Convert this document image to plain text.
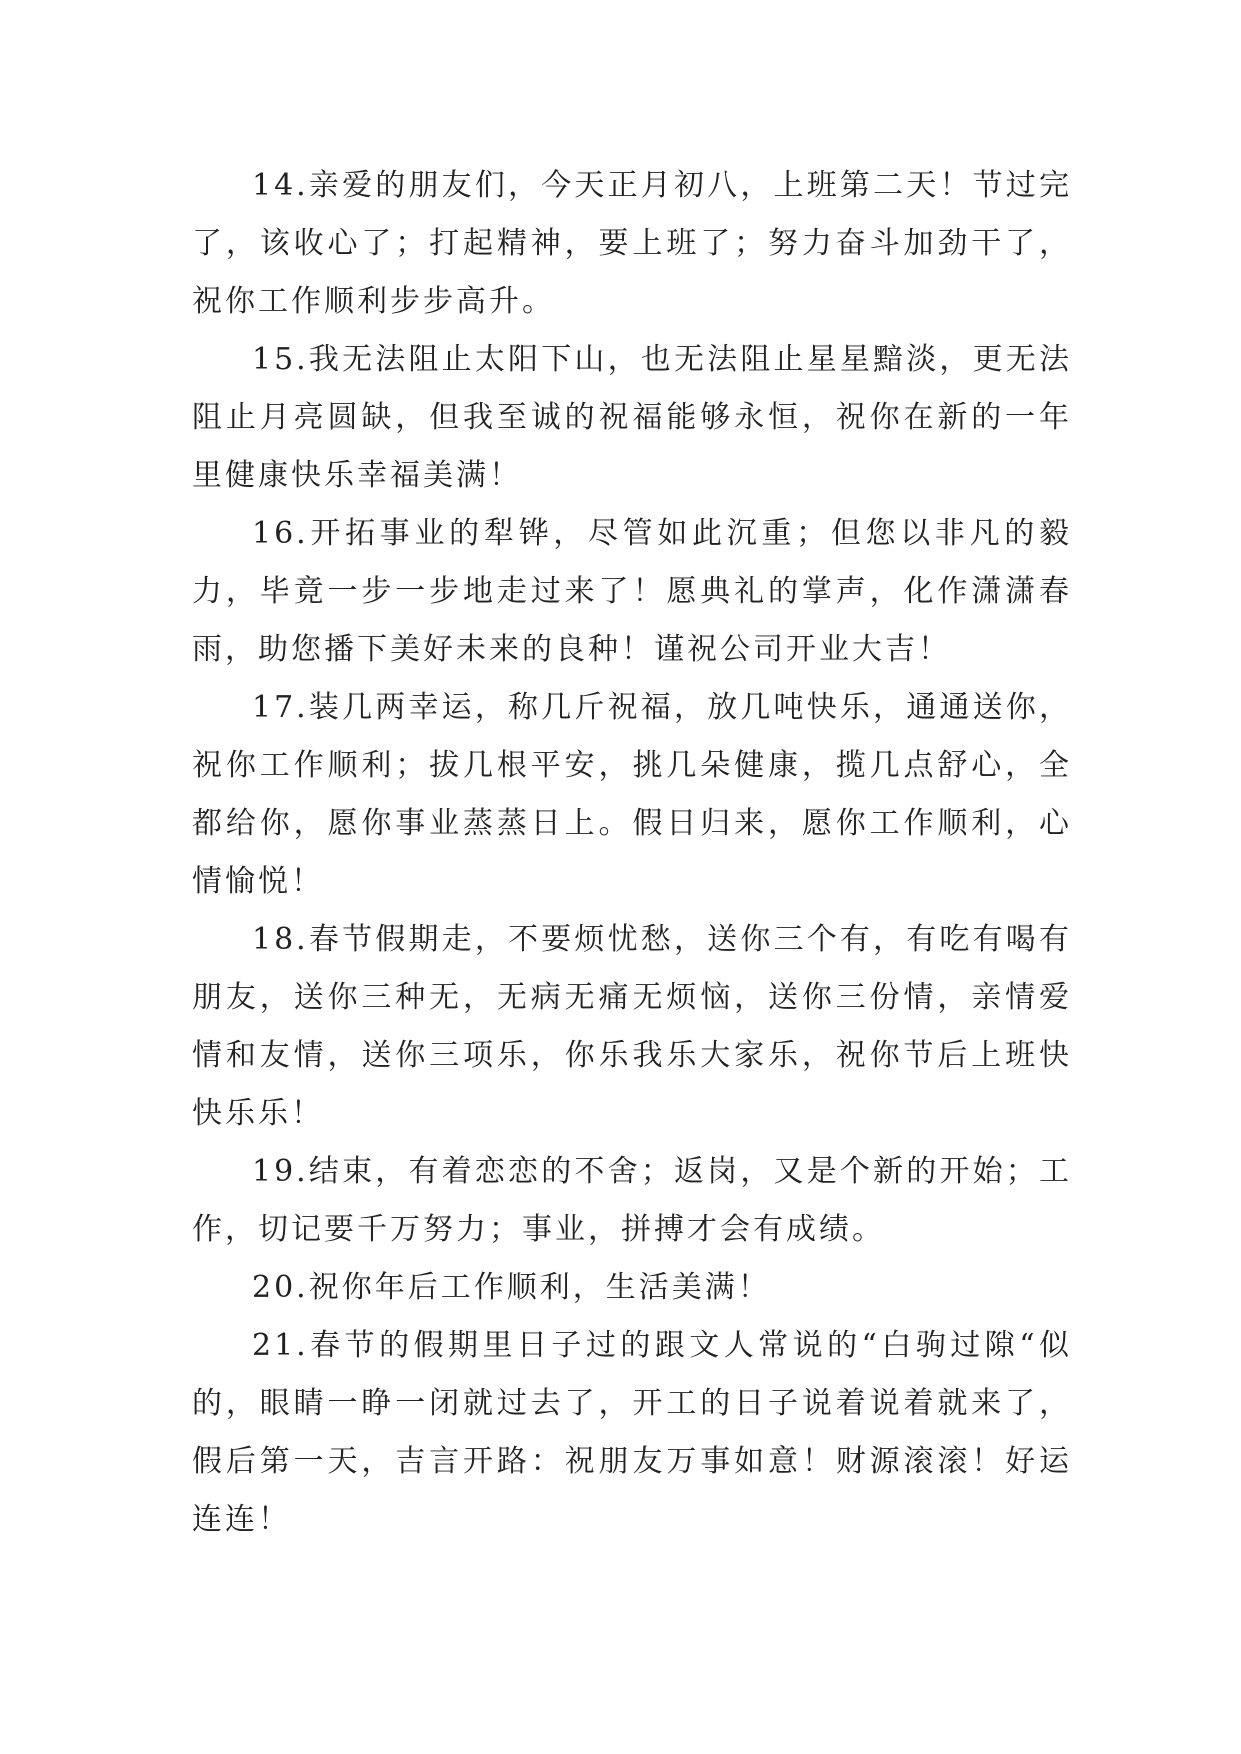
14.亲爱的朋友们，今天正月初八，上班第二天！节过完了，该收心了；打起精神，要上班了；努力奋斗加劲干了，祝你工作顺利步步高升。

15.我无法阻止太阳下山，也无法阻止星星黯淡，更无法阻止月亮圆缺，但我至诚的祝福能够永恒，祝你在新的一年里健康快乐幸福美满！

16.开拓事业的犁铧，尽管如此沉重；但您以非凡的毅力，毕竟一步一步地走过来了！愿典礼的掌声，化作潇潇春雨，助您播下美好未来的良种！谨祝公司开业大吉！

17.装几两幸运，称几斤祝福，放几吨快乐，通通送你，祝你工作顺利；拔几根平安，挑几朵健康，揽几点舒心，全都给你，愿你事业蒸蒸日上。假日归来，愿你工作顺利，心情愉悦！

18.春节假期走，不要烦忧愁，送你三个有，有吃有喝有朋友，送你三种无，无病无痛无烦恼，送你三份情，亲情爱情和友情，送你三项乐，你乐我乐大家乐，祝你节后上班快快乐乐！

19.结束，有着恋恋的不舍；返岗，又是个新的开始；工作，切记要千万努力；事业，拼搏才会有成绩。

20.祝你年后工作顺利，生活美满！

21.春节的假期里日子过的跟文人常说的“白驹过隙“似的，眼睛一睁一闭就过去了，开工的日子说着说着就来了，假后第一天，吉言开路：祝朋友万事如意！财源滚滚！好运连连！
